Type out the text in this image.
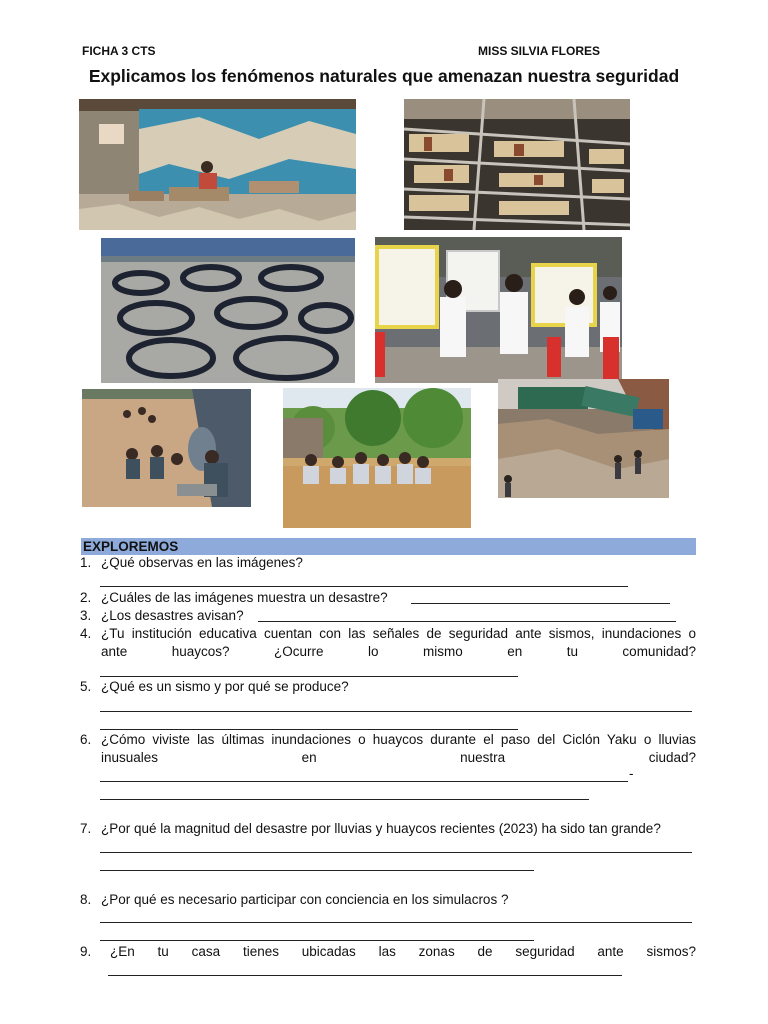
FICHA 3 CTS	MISS SILVIA FLORES
Explicamos los fenómenos naturales que amenazan nuestra seguridad
EXPLOREMOS
1. ¿Qué observas en las imágenes?
2. ¿Cuáles de las imágenes muestra un desastre?
3. ¿Los desastres avisan?
4. ¿Tu institución educativa cuentan con las señales de seguridad ante sismos, inundaciones o
ante huaycos? ¿Ocurre lo mismo en tu comunidad?
5. ¿Qué es un sismo y por qué se produce?
6. ¿Cómo viviste las últimas inundaciones o huaycos durante el paso del Ciclón Yaku o lluvias
inusuales en nuestra ciudad?
-
7. ¿Por qué la magnitud del desastre por lluvias y huaycos recientes (2023) ha sido tan grande?
8. ¿Por qué es necesario participar con conciencia en los simulacros ?
9. ¿En tu casa tienes ubicadas las zonas de seguridad ante sismos?
